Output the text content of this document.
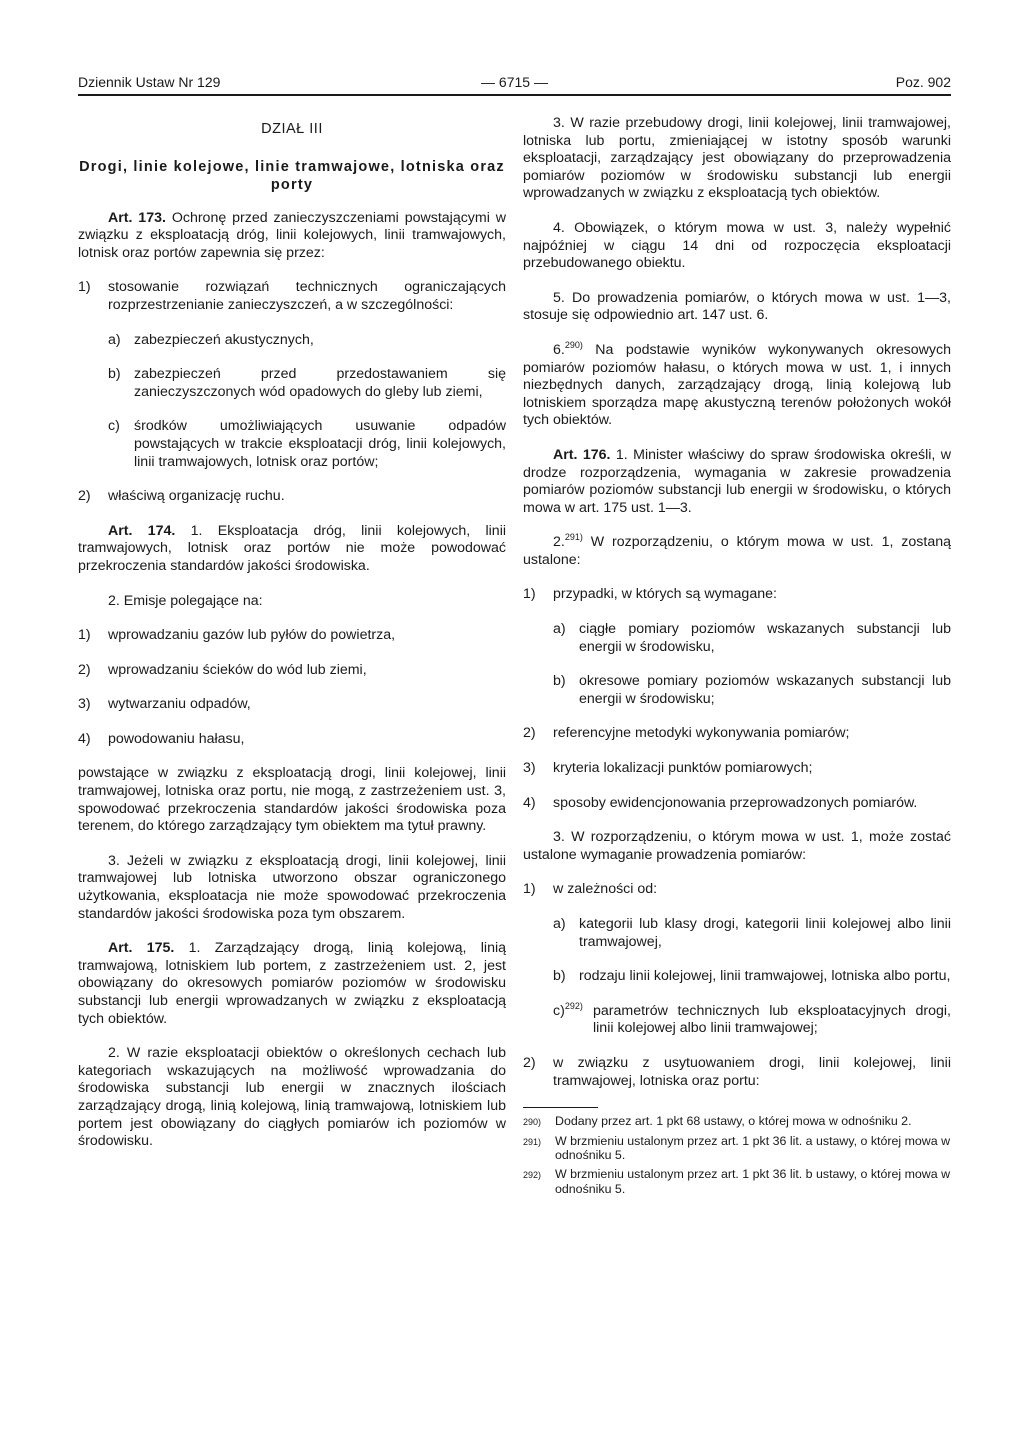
Dziennik Ustaw Nr 129	— 6715 —	Poz. 902
DZIAŁ III
Drogi, linie kolejowe, linie tramwajowe, lotniska oraz porty

Art. 173. Ochronę przed zanieczyszczeniami powstającymi w związku z eksploatacją dróg, linii kolejowych, linii tramwajowych, lotnisk oraz portów zapewnia się przez:

1)	stosowanie rozwiązań technicznych ograniczających rozprzestrzenianie zanieczyszczeń, a w szczególności:
a) zabezpieczeń akustycznych,
b) zabezpieczeń przed przedostawaniem się zanieczyszczonych wód opadowych do gleby lub ziemi,
c) środków umożliwiających usuwanie odpadów powstających w trakcie eksploatacji dróg, linii kolejowych, linii tramwajowych, lotnisk oraz portów;
2)	właściwą organizację ruchu.

Art. 174. 1. Eksploatacja dróg, linii kolejowych, linii tramwajowych, lotnisk oraz portów nie może powodować przekroczenia standardów jakości środowiska.

2. Emisje polegające na:

1)	wprowadzaniu gazów lub pyłów do powietrza,
2)	wprowadzaniu ścieków do wód lub ziemi,
3)	wytwarzaniu odpadów,
4)	powodowaniu hałasu,

powstające w związku z eksploatacją drogi, linii kolejowej, linii tramwajowej, lotniska oraz portu, nie mogą, z zastrzeżeniem ust. 3, spowodować przekroczenia standardów jakości środowiska poza terenem, do którego zarządzający tym obiektem ma tytuł prawny.

3. Jeżeli w związku z eksploatacją drogi, linii kolejowej, linii tramwajowej lub lotniska utworzono obszar ograniczonego użytkowania, eksploatacja nie może spowodować przekroczenia standardów jakości środowiska poza tym obszarem.

Art. 175. 1. Zarządzający drogą, linią kolejową, linią tramwajową, lotniskiem lub portem, z zastrzeżeniem ust. 2, jest obowiązany do okresowych pomiarów poziomów w środowisku substancji lub energii wprowadzanych w związku z eksploatacją tych obiektów.

2. W razie eksploatacji obiektów o określonych cechach lub kategoriach wskazujących na możliwość wprowadzania do środowiska substancji lub energii w znacznych ilościach zarządzający drogą, linią kolejową, linią tramwajową, lotniskiem lub portem jest obowiązany do ciągłych pomiarów ich poziomów w środowisku.

3. W razie przebudowy drogi, linii kolejowej, linii tramwajowej, lotniska lub portu, zmieniającej w istotny sposób warunki eksploatacji, zarządzający jest obowiązany do przeprowadzenia pomiarów poziomów w środowisku substancji lub energii wprowadzanych w związku z eksploatacją tych obiektów.

4. Obowiązek, o którym mowa w ust. 3, należy wypełnić najpóźniej w ciągu 14 dni od rozpoczęcia eksploatacji przebudowanego obiektu.

5. Do prowadzenia pomiarów, o których mowa w ust. 1—3, stosuje się odpowiednio art. 147 ust. 6.

6.$^{290)}$ Na podstawie wyników wykonywanych okresowych pomiarów poziomów hałasu, o których mowa w ust. 1, i innych niezbędnych danych, zarządzający drogą, linią kolejową lub lotniskiem sporządza mapę akustyczną terenów położonych wokół tych obiektów.

Art. 176. 1. Minister właściwy do spraw środowiska określi, w drodze rozporządzenia, wymagania w zakresie prowadzenia pomiarów poziomów substancji lub energii w środowisku, o których mowa w art. 175 ust. 1—3.

2.$^{291)}$ W rozporządzeniu, o którym mowa w ust. 1, zostaną ustalone:

1)	przypadki, w których są wymagane:
a) ciągłe pomiary poziomów wskazanych substancji lub energii w środowisku,
b) okresowe pomiary poziomów wskazanych substancji lub energii w środowisku;
2)	referencyjne metodyki wykonywania pomiarów;
3)	kryteria lokalizacji punktów pomiarowych;
4)	sposoby ewidencjonowania przeprowadzonych pomiarów.

3. W rozporządzeniu, o którym mowa w ust. 1, może zostać ustalone wymaganie prowadzenia pomiarów:

1)	w zależności od:
a) kategorii lub klasy drogi, kategorii linii kolejowej albo linii tramwajowej,
b) rodzaju linii kolejowej, linii tramwajowej, lotniska albo portu,
c)$^{292)}$ parametrów technicznych lub eksploatacyjnych drogi, linii kolejowej albo linii tramwajowej;
2)	w związku z usytuowaniem drogi, linii kolejowej, linii tramwajowej, lotniska oraz portu:
290)	Dodany przez art. 1 pkt 68 ustawy, o której mowa w odnośniku 2.
291)	W brzmieniu ustalonym przez art. 1 pkt 36 lit. a ustawy, o której mowa w odnośniku 5.
292)	W brzmieniu ustalonym przez art. 1 pkt 36 lit. b ustawy, o której mowa w odnośniku 5.
